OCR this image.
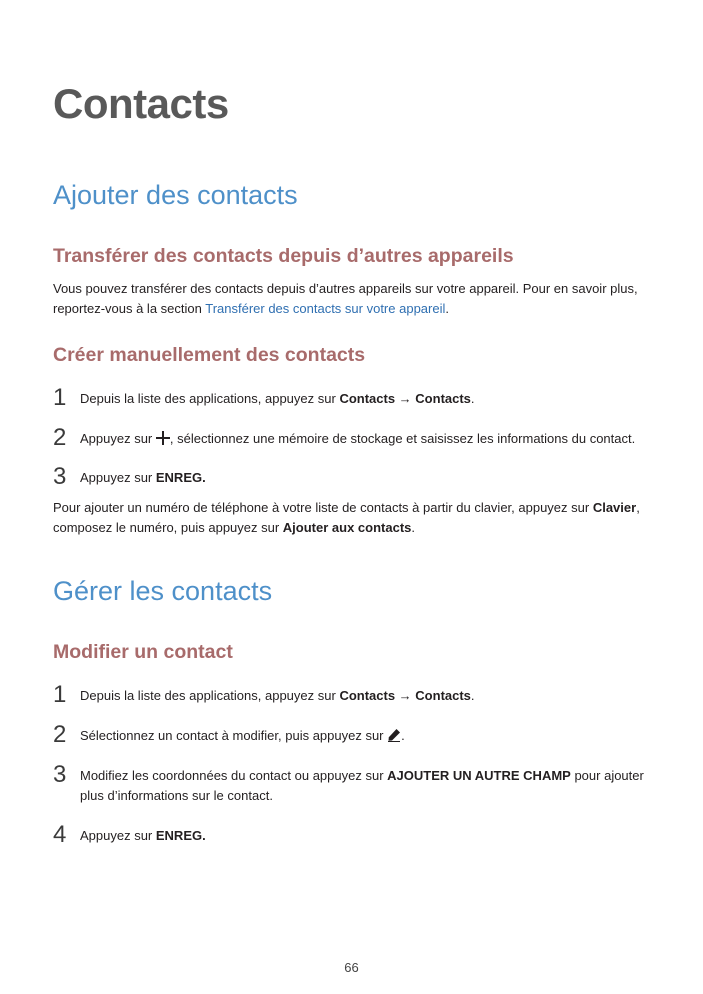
Contacts
Ajouter des contacts
Transférer des contacts depuis d’autres appareils
Vous pouvez transférer des contacts depuis d’autres appareils sur votre appareil. Pour en savoir plus, reportez-vous à la section Transférer des contacts sur votre appareil.
Créer manuellement des contacts
1 Depuis la liste des applications, appuyez sur Contacts → Contacts.
2 Appuyez sur , sélectionnez une mémoire de stockage et saisissez les informations du contact.
3 Appuyez sur ENREG.
Pour ajouter un numéro de téléphone à votre liste de contacts à partir du clavier, appuyez sur Clavier, composez le numéro, puis appuyez sur Ajouter aux contacts.
Gérer les contacts
Modifier un contact
1 Depuis la liste des applications, appuyez sur Contacts → Contacts.
2 Sélectionnez un contact à modifier, puis appuyez sur .
3 Modifiez les coordonnées du contact ou appuyez sur AJOUTER UN AUTRE CHAMP pour ajouter plus d’informations sur le contact.
4 Appuyez sur ENREG.
66
